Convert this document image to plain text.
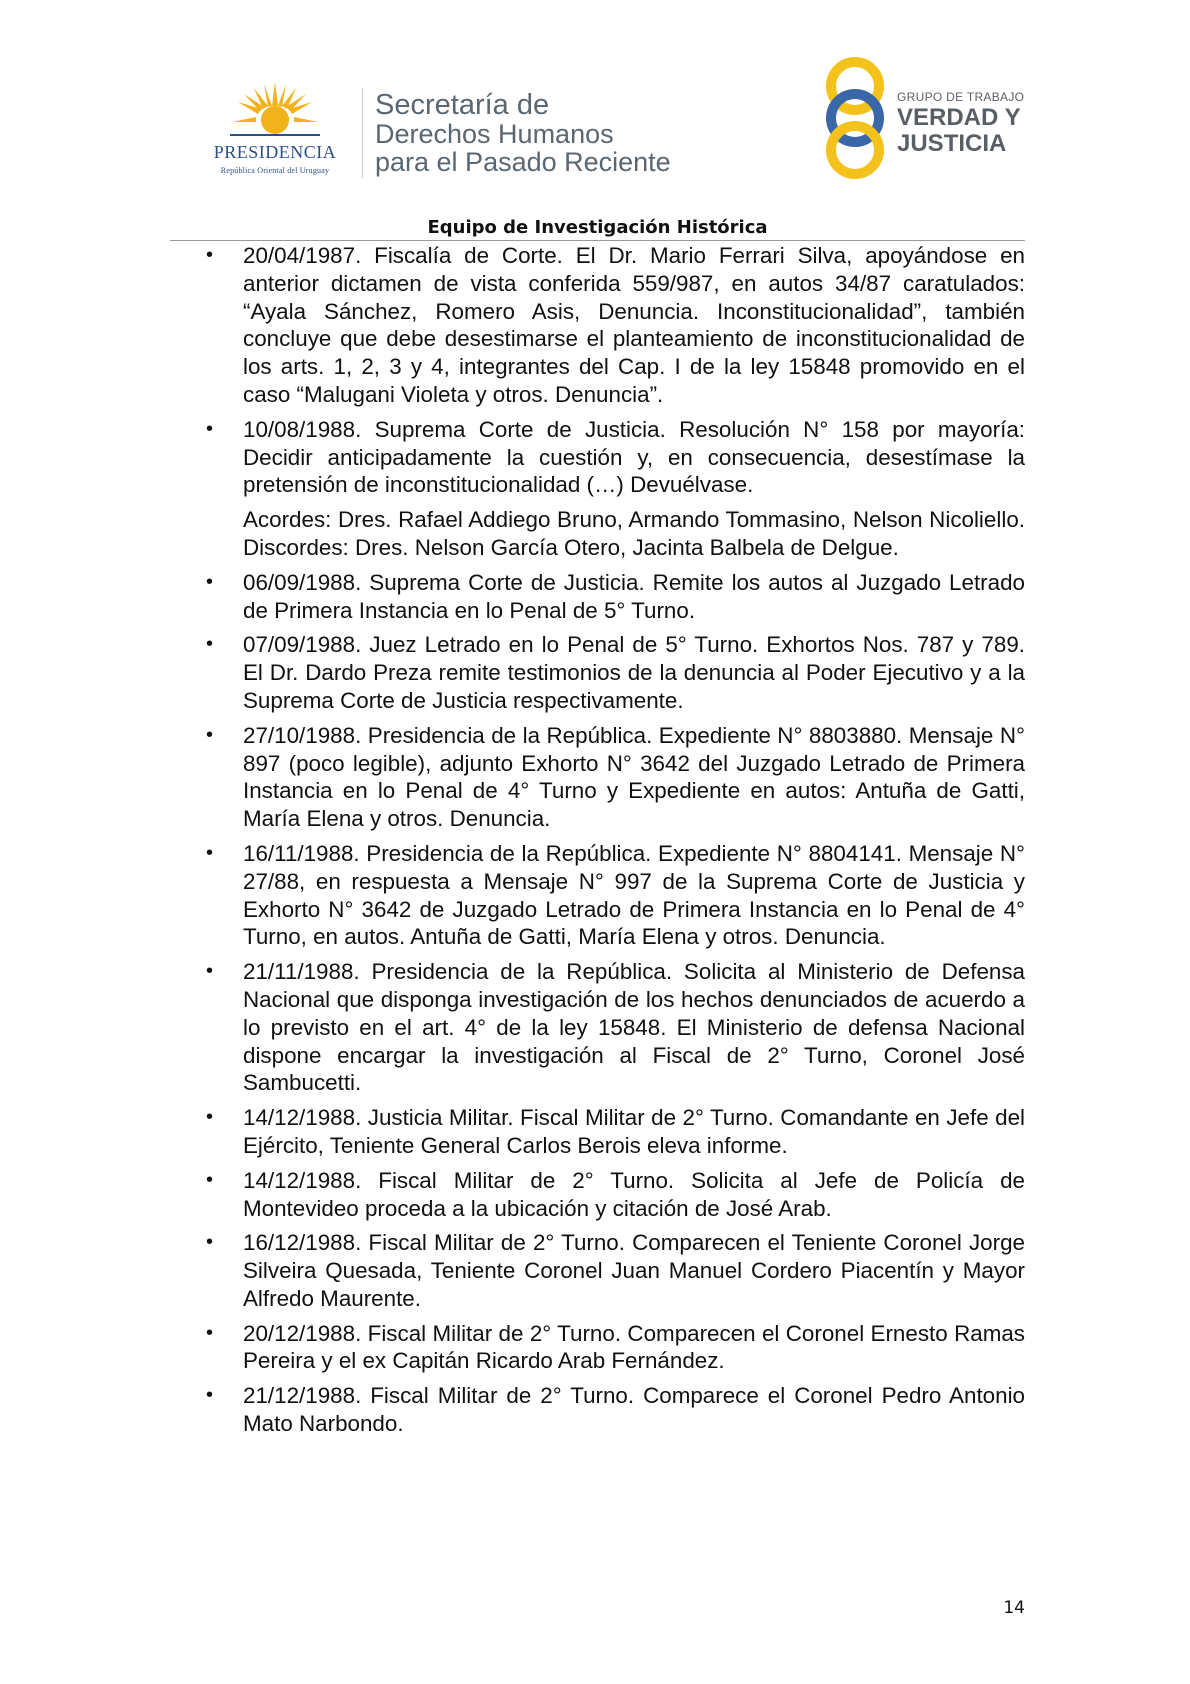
PRESIDENCIA
República Oriental del Uruguay
Secretaría de
Derechos Humanos
para el Pasado Reciente
GRUPO DE TRABAJO
VERDAD Y
JUSTICIA
Equipo de Investigación Histórica
• 20/04/1987. Fiscalía de Corte. El Dr. Mario Ferrari Silva, apoyándose en anterior dictamen de vista conferida 559/987, en autos 34/87 caratulados: “Ayala Sánchez, Romero Asis, Denuncia. Inconstitucionalidad”, también concluye que debe desestimarse el planteamiento de inconstitucionalidad de los arts. 1, 2, 3 y 4, integrantes del Cap. I de la ley 15848 promovido en el caso “Malugani Violeta y otros. Denuncia”.

• 10/08/1988. Suprema Corte de Justicia. Resolución N° 158 por mayoría: Decidir anticipadamente la cuestión y, en consecuencia, desestímase la pretensión de inconstitucionalidad (…) Devuélvase.

Acordes: Dres. Rafael Addiego Bruno, Armando Tommasino, Nelson Nicoliello. Discordes: Dres. Nelson García Otero, Jacinta Balbela de Delgue.

• 06/09/1988. Suprema Corte de Justicia. Remite los autos al Juzgado Letrado de Primera Instancia en lo Penal de 5° Turno.

• 07/09/1988. Juez Letrado en lo Penal de 5° Turno. Exhortos Nos. 787 y 789. El Dr. Dardo Preza remite testimonios de la denuncia al Poder Ejecutivo y a la Suprema Corte de Justicia respectivamente.

• 27/10/1988. Presidencia de la República. Expediente N° 8803880. Mensaje N° 897 (poco legible), adjunto Exhorto N° 3642 del Juzgado Letrado de Primera Instancia en lo Penal de 4° Turno y Expediente en autos: Antuña de Gatti, María Elena y otros. Denuncia.

• 16/11/1988. Presidencia de la República. Expediente N° 8804141. Mensaje N° 27/88, en respuesta a Mensaje N° 997 de la Suprema Corte de Justicia y Exhorto N° 3642 de Juzgado Letrado de Primera Instancia en lo Penal de 4° Turno, en autos. Antuña de Gatti, María Elena y otros. Denuncia.

• 21/11/1988. Presidencia de la República. Solicita al Ministerio de Defensa Nacional que disponga investigación de los hechos denunciados de acuerdo a lo previsto en el art. 4° de la ley 15848. El Ministerio de defensa Nacional dispone encargar la investigación al Fiscal de 2° Turno, Coronel José Sambucetti.

• 14/12/1988. Justicia Militar. Fiscal Militar de 2° Turno. Comandante en Jefe del Ejército, Teniente General Carlos Berois eleva informe.

• 14/12/1988. Fiscal Militar de 2° Turno. Solicita al Jefe de Policía de Montevideo proceda a la ubicación y citación de José Arab.

• 16/12/1988. Fiscal Militar de 2° Turno. Comparecen el Teniente Coronel Jorge Silveira Quesada, Teniente Coronel Juan Manuel Cordero Piacentín y Mayor Alfredo Maurente.

• 20/12/1988. Fiscal Militar de 2° Turno. Comparecen el Coronel Ernesto Ramas Pereira y el ex Capitán Ricardo Arab Fernández.

• 21/12/1988. Fiscal Militar de 2° Turno. Comparece el Coronel Pedro Antonio Mato Narbondo.

14
